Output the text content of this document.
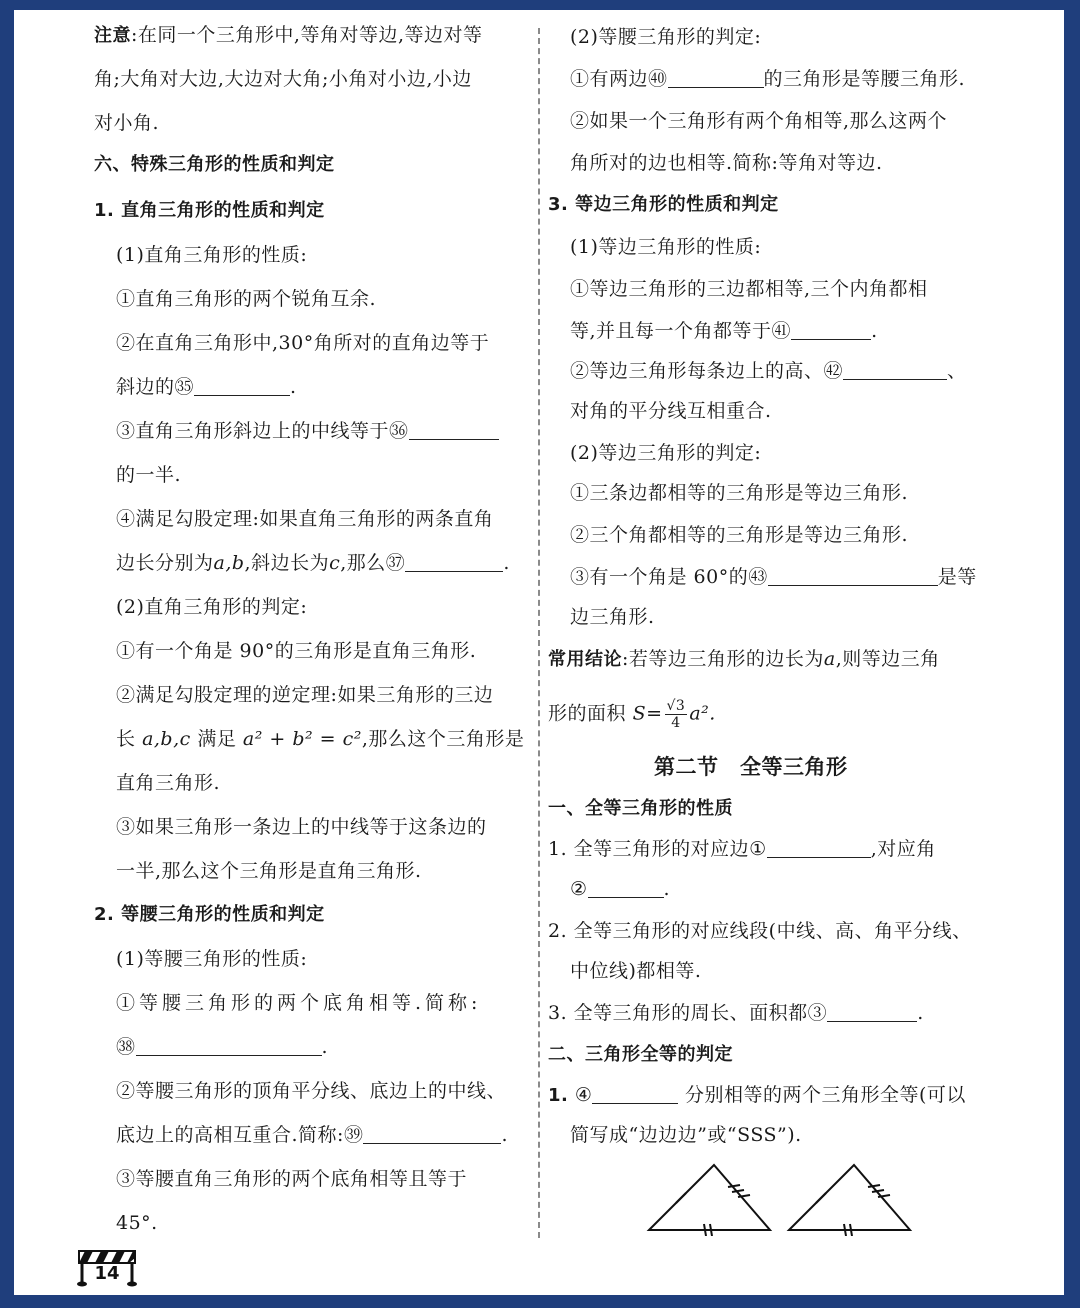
注意:在同一个三角形中,等角对等边,等边对等
角;大角对大边,大边对大角;小角对小边,小边
对小角.
六、特殊三角形的性质和判定
1. 直角三角形的性质和判定
(1)直角三角形的性质:
①直角三角形的两个锐角互余.
②在直角三角形中,30°角所对的直角边等于
斜边的㉟	.
③直角三角形斜边上的中线等于㊱
的一半.
④满足勾股定理:如果直角三角形的两条直角
边长分别为a,b,斜边长为c,那么㊲	.
(2)直角三角形的判定:
①有一个角是 90°的三角形是直角三角形.
②满足勾股定理的逆定理:如果三角形的三边
长 a,b,c 满足 a² + b² = c²,那么这个三角形是
直角三角形.
③如果三角形一条边上的中线等于这条边的
一半,那么这个三角形是直角三角形.
2. 等腰三角形的性质和判定
(1)等腰三角形的性质:
①等腰三角形的两个底角相等.简称:
㊳	.
②等腰三角形的顶角平分线、底边上的中线、
底边上的高相互重合.简称:㊴	.
③等腰直角三角形的两个底角相等且等于
45°.
(2)等腰三角形的判定:
①有两边㊵	的三角形是等腰三角形.
②如果一个三角形有两个角相等,那么这两个
角所对的边也相等.简称:等角对等边.
3. 等边三角形的性质和判定
(1)等边三角形的性质:
①等边三角形的三边都相等,三个内角都相
等,并且每一个角都等于㊶	.
②等边三角形每条边上的高、㊷	、
对角的平分线互相重合.
(2)等边三角形的判定:
①三条边都相等的三角形是等边三角形.
②三个角都相等的三角形是等边三角形.
③有一个角是 60°的㊸	是等
边三角形.
常用结论:若等边三角形的边长为a,则等边三角
形的面积 $S= \frac{√3}{4} a^2$.
第二节　全等三角形
一、全等三角形的性质
1. 全等三角形的对应边①	,对应角
②	.
2. 全等三角形的对应线段(中线、高、角平分线、
中位线)都相等.
3. 全等三角形的周长、面积都③	.
二、三角形全等的判定
1. ④	分别相等的两个三角形全等(可以
简写成“边边边”或“SSS”).
14
